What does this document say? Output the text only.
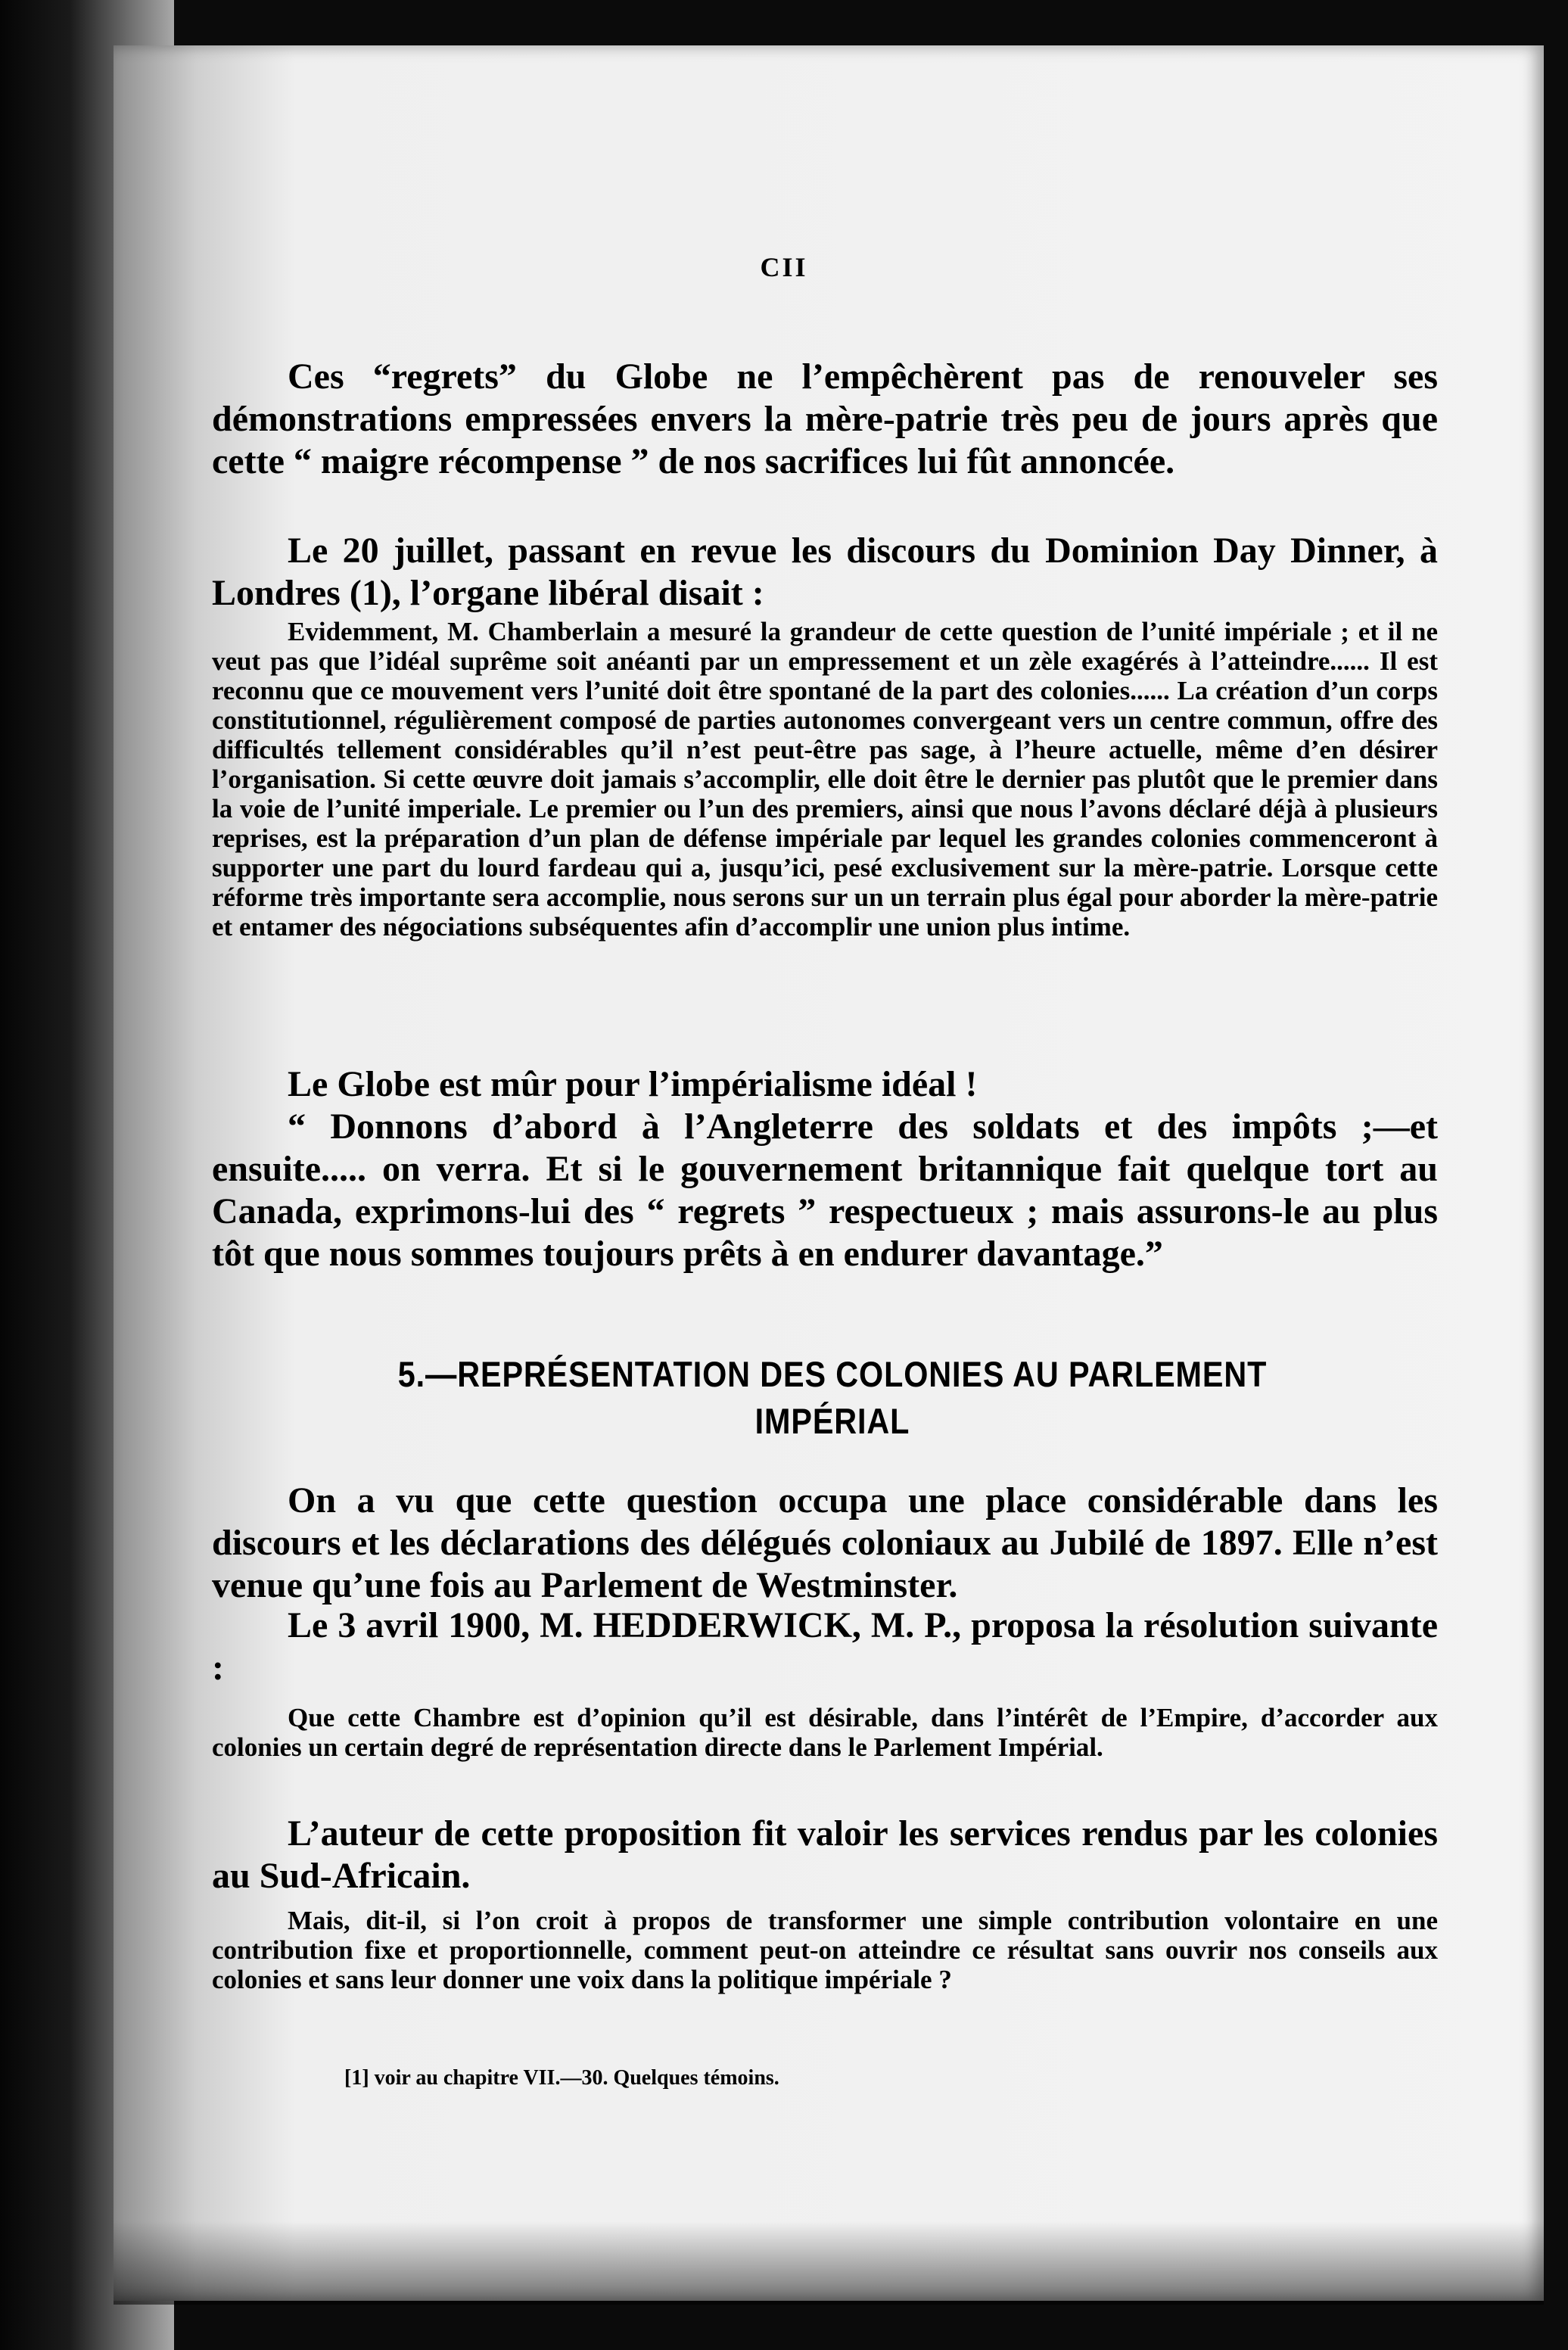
CII

Ces “regrets” du Globe ne l’empêchèrent pas de renouveler ses démonstrations empressées envers la mère-patrie très peu de jours après que cette “ maigre récompense ” de nos sacrifices lui fût annoncée.

Le 20 juillet, passant en revue les discours du Dominion Day Dinner, à Londres (1), l’organe libéral disait :

Evidemment, M. Chamberlain a mesuré la grandeur de cette question de l’unité impériale ; et il ne veut pas que l’idéal suprême soit anéanti par un empressement et un zèle exagérés à l’atteindre...... Il est reconnu que ce mouvement vers l’unité doit être spontané de la part des colonies...... La création d’un corps constitutionnel, régulièrement composé de parties autonomes convergeant vers un centre commun, offre des difficultés tellement considérables qu’il n’est peut-être pas sage, à l’heure actuelle, même d’en désirer l’organisation. Si cette œuvre doit jamais s’accomplir, elle doit être le dernier pas plutôt que le premier dans la voie de l’unité imperiale. Le premier ou l’un des premiers, ainsi que nous l’avons déclaré déjà à plusieurs reprises, est la préparation d’un plan de défense impériale par lequel les grandes colonies commenceront à supporter une part du lourd fardeau qui a, jusqu’ici, pesé exclusivement sur la mère-patrie. Lorsque cette réforme très importante sera accomplie, nous serons sur un un terrain plus égal pour aborder la mère-patrie et entamer des négociations subséquentes afin d’accomplir une union plus intime.

Le Globe est mûr pour l’impérialisme idéal !

“ Donnons d’abord à l’Angleterre des soldats et des impôts ;—et ensuite..... on verra. Et si le gouvernement britannique fait quelque tort au Canada, exprimons-lui des “ regrets ” respectueux ; mais assurons-le au plus tôt que nous sommes toujours prêts à en endurer davantage.”

5.—REPRÉSENTATION DES COLONIES AU PARLEMENT
IMPÉRIAL

On a vu que cette question occupa une place considérable dans les discours et les déclarations des délégués coloniaux au Jubilé de 1897. Elle n’est venue qu’une fois au Parlement de Westminster.

Le 3 avril 1900, M. HEDDERWICK, M. P., proposa la résolution suivante :

Que cette Chambre est d’opinion qu’il est désirable, dans l’intérêt de l’Empire, d’accorder aux colonies un certain degré de représentation directe dans le Parlement Impérial.

L’auteur de cette proposition fit valoir les services rendus par les colonies au Sud-Africain.

Mais, dit-il, si l’on croit à propos de transformer une simple contribution volontaire en une contribution fixe et proportionnelle, comment peut-on atteindre ce résultat sans ouvrir nos conseils aux colonies et sans leur donner une voix dans la politique impériale ?

[1] voir au chapitre VII.—30. Quelques témoins.
